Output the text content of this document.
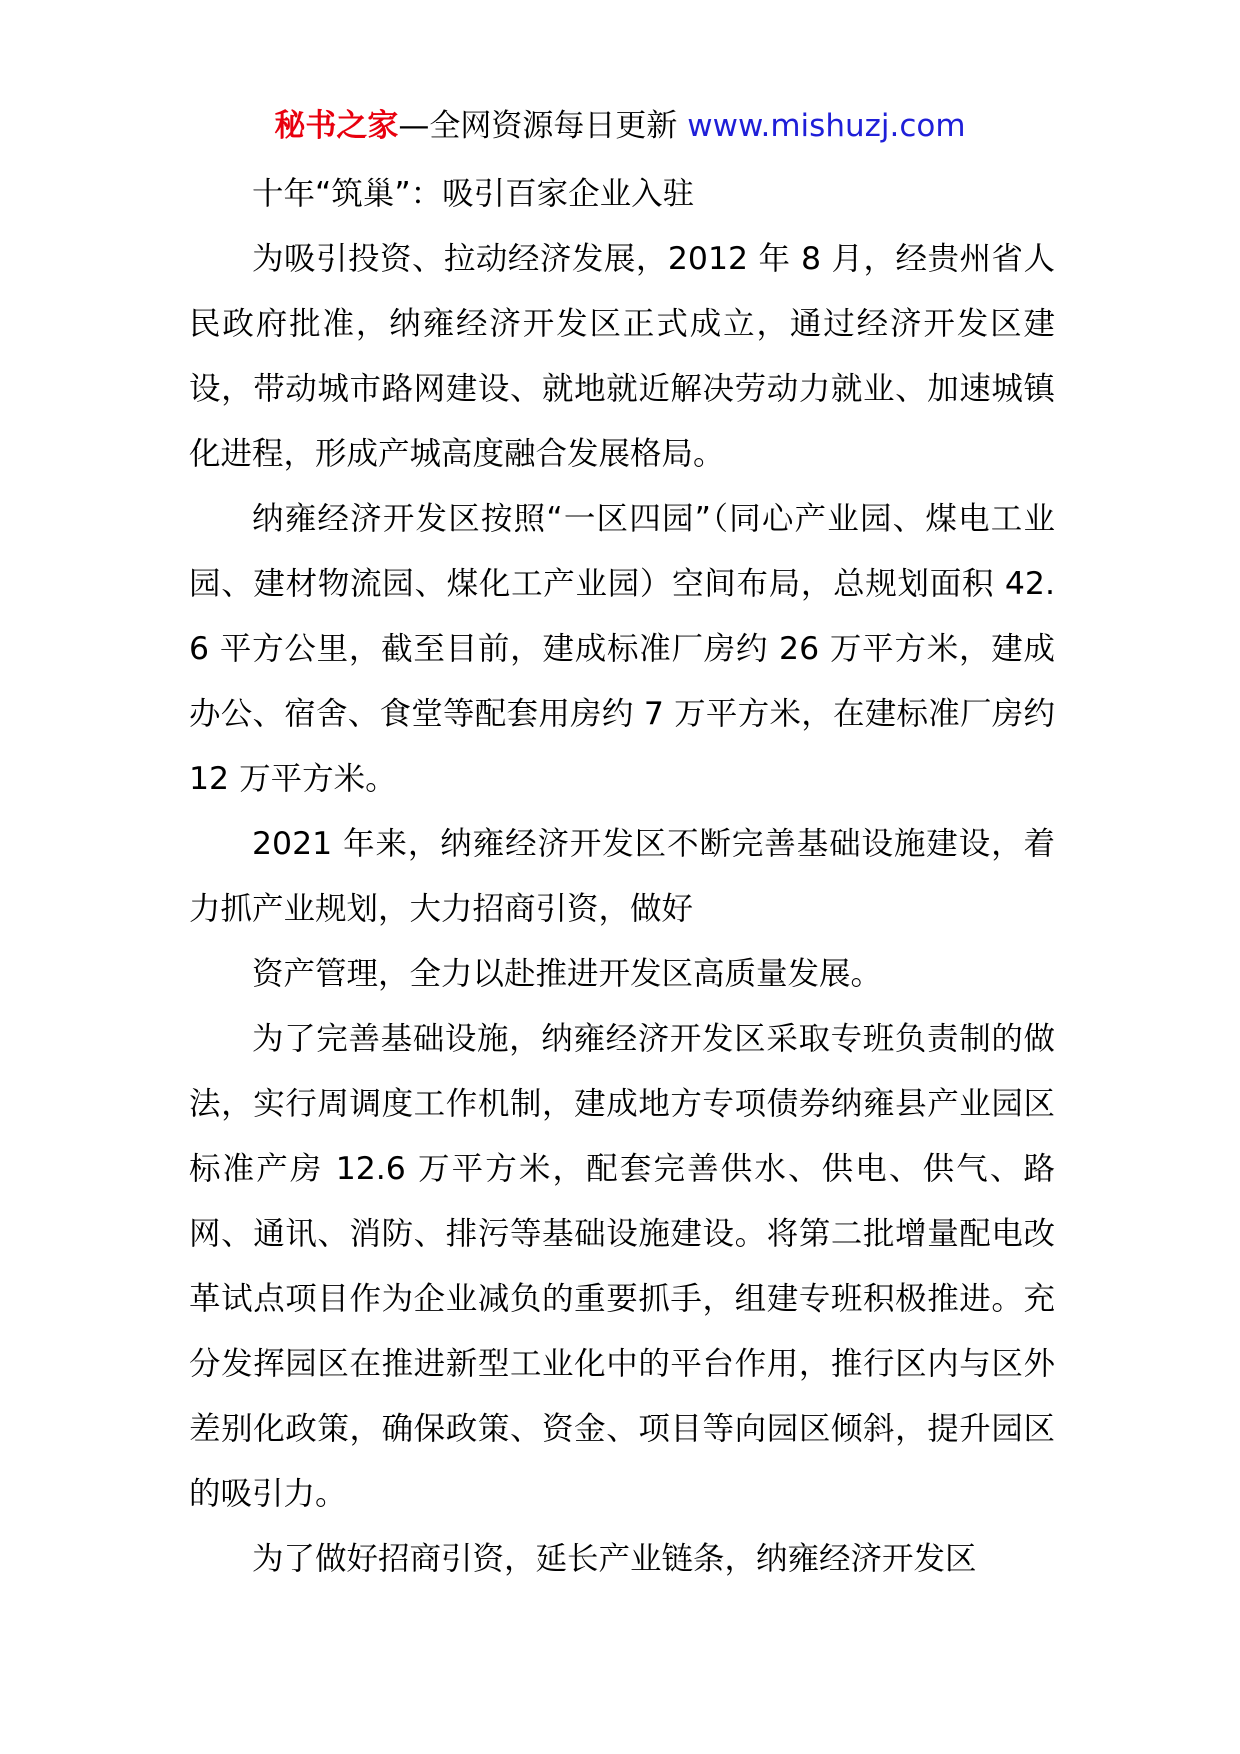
秘书之家—全网资源每日更新 www.mishuzj.com

十年“筑巢”：吸引百家企业入驻

为吸引投资、拉动经济发展，2012 年 8 月，经贵州省人民政府批准，纳雍经济开发区正式成立，通过经济开发区建设，带动城市路网建设、就地就近解决劳动力就业、加速城镇化进程，形成产城高度融合发展格局。

纳雍经济开发区按照“一区四园”（同心产业园、煤电工业园、建材物流园、煤化工产业园）空间布局，总规划面积 42.6 平方公里，截至目前，建成标准厂房约 26 万平方米，建成办公、宿舍、食堂等配套用房约 7 万平方米，在建标准厂房约 12 万平方米。

2021 年来，纳雍经济开发区不断完善基础设施建设，着力抓产业规划，大力招商引资，做好

资产管理，全力以赴推进开发区高质量发展。

为了完善基础设施，纳雍经济开发区采取专班负责制的做法，实行周调度工作机制，建成地方专项债券纳雍县产业园区标准产房 12.6 万平方米，配套完善供水、供电、供气、路网、通讯、消防、排污等基础设施建设。将第二批增量配电改革试点项目作为企业减负的重要抓手，组建专班积极推进。充分发挥园区在推进新型工业化中的平台作用，推行区内与区外差别化政策，确保政策、资金、项目等向园区倾斜，提升园区的吸引力。

为了做好招商引资，延长产业链条，纳雍经济开发区
